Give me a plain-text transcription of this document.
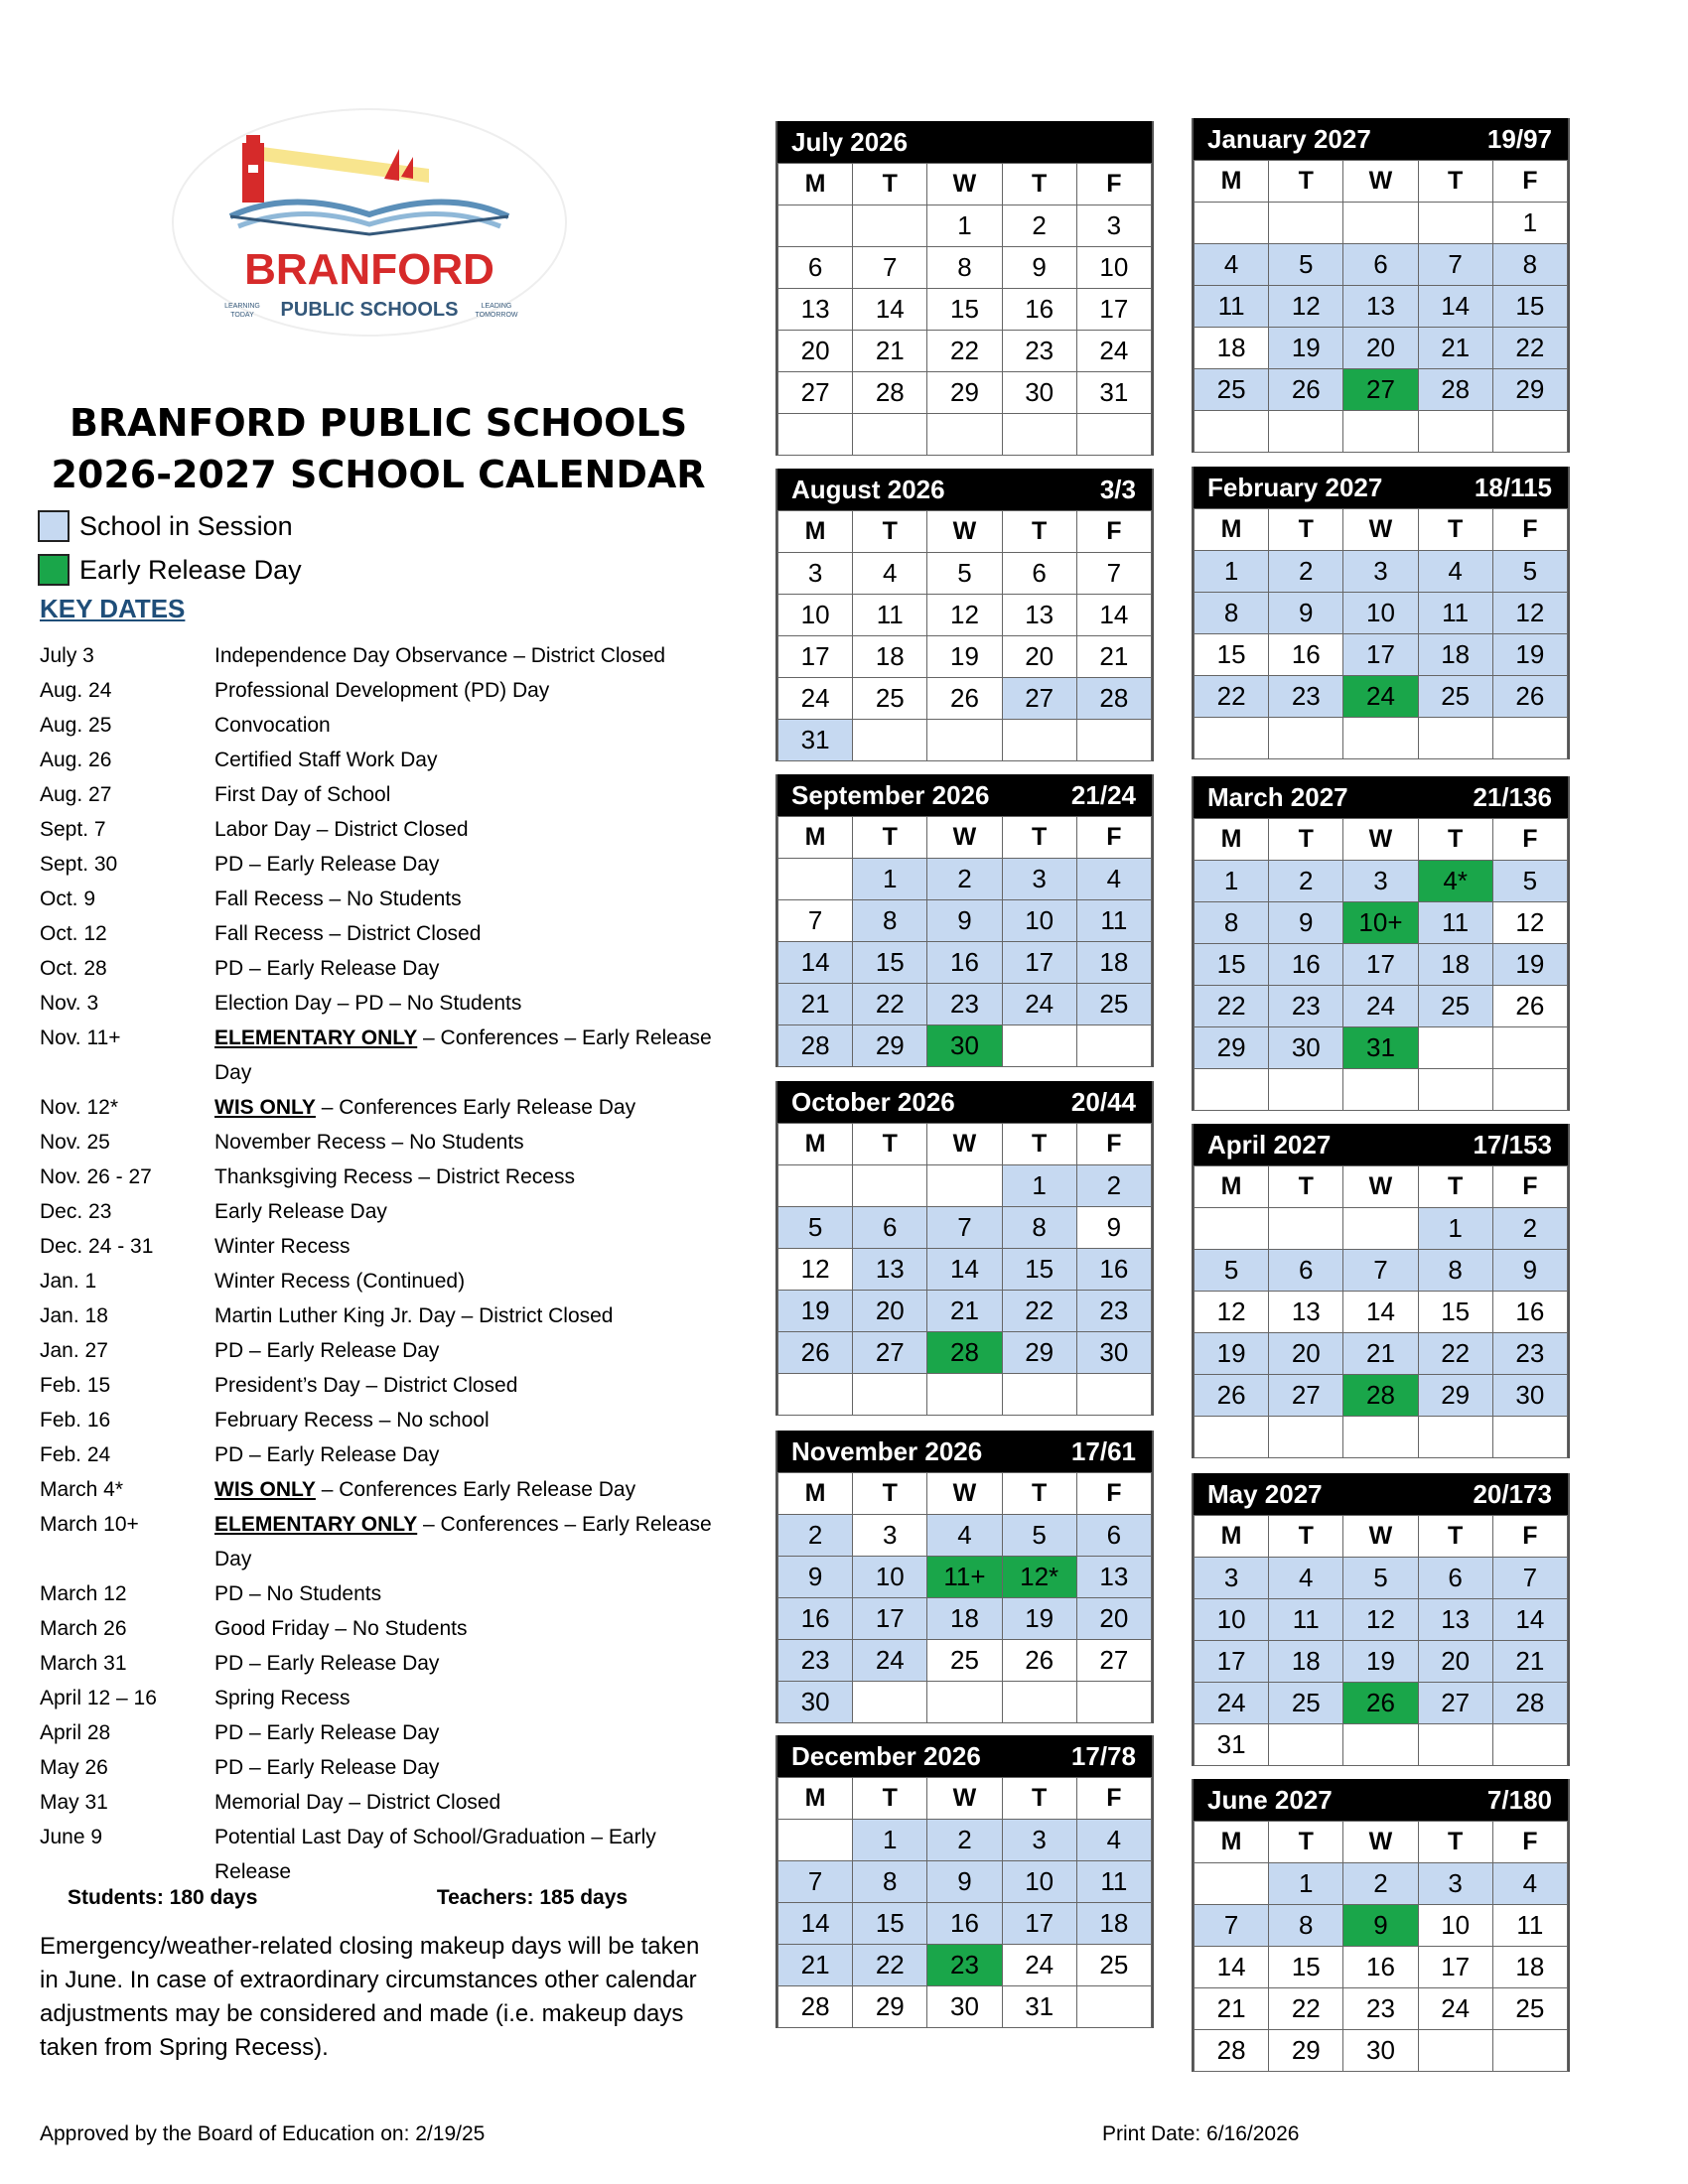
BRANFORD
PUBLIC SCHOOLS
LEARNING
TODAY
LEADING
TOMORROW
BRANFORD PUBLIC SCHOOLS
2026-2027 SCHOOL CALENDAR
School in Session
Early Release Day
KEY DATES
July 3	Independence Day Observance – District Closed
Aug. 24	Professional Development (PD) Day
Aug. 25	Convocation
Aug. 26	Certified Staff Work Day
Aug. 27	First Day of School
Sept. 7	Labor Day – District Closed
Sept. 30	PD – Early Release Day
Oct. 9	Fall Recess – No Students
Oct. 12	Fall Recess – District Closed
Oct. 28	PD – Early Release Day
Nov. 3	Election Day – PD – No Students
Nov. 11+	ELEMENTARY ONLY – Conferences – Early Release Day
Nov. 12*	WIS ONLY – Conferences Early Release Day
Nov. 25	November Recess – No Students
Nov. 26 - 27	Thanksgiving Recess – District Recess
Dec. 23	Early Release Day
Dec. 24 - 31	Winter Recess
Jan. 1	Winter Recess (Continued)
Jan. 18	Martin Luther King Jr. Day – District Closed
Jan. 27	PD – Early Release Day
Feb. 15	President’s Day – District Closed
Feb. 16	February Recess – No school
Feb. 24	PD – Early Release Day
March 4*	WIS ONLY – Conferences Early Release Day
March 10+	ELEMENTARY ONLY – Conferences – Early Release Day
March 12	PD – No Students
March 26	Good Friday – No Students
March 31	PD – Early Release Day
April 12 – 16	Spring Recess
April 28	PD – Early Release Day
May 26	PD – Early Release Day
May 31	Memorial Day – District Closed
June 9	Potential Last Day of School/Graduation – Early Release
Students: 180 days	Teachers: 185 days
Emergency/weather-related closing makeup days will be taken in June. In case of extraordinary circumstances other calendar adjustments may be considered and made (i.e. makeup days taken from Spring Recess).
Approved by the Board of Education on: 2/19/25	Print Date: 6/16/2026
July 2026
M	T	W	T	F
		1	2	3
6	7	8	9	10
13	14	15	16	17
20	21	22	23	24
27	28	29	30	31

August 2026	3/3
M	T	W	T	F
3	4	5	6	7
10	11	12	13	14
17	18	19	20	21
24	25	26	27	28
31				
September 2026	21/24
M	T	W	T	F
	1	2	3	4
7	8	9	10	11
14	15	16	17	18
21	22	23	24	25
28	29	30		
October 2026	20/44
M	T	W	T	F
			1	2
5	6	7	8	9
12	13	14	15	16
19	20	21	22	23
26	27	28	29	30

November 2026	17/61
M	T	W	T	F
2	3	4	5	6
9	10	11+	12*	13
16	17	18	19	20
23	24	25	26	27
30				
December 2026	17/78
M	T	W	T	F
	1	2	3	4
7	8	9	10	11
14	15	16	17	18
21	22	23	24	25
28	29	30	31	
January 2027	19/97
M	T	W	T	F
				1
4	5	6	7	8
11	12	13	14	15
18	19	20	21	22
25	26	27	28	29

February 2027	18/115
M	T	W	T	F
1	2	3	4	5
8	9	10	11	12
15	16	17	18	19
22	23	24	25	26

March 2027	21/136
M	T	W	T	F
1	2	3	4*	5
8	9	10+	11	12
15	16	17	18	19
22	23	24	25	26
29	30	31		

April 2027	17/153
M	T	W	T	F
			1	2
5	6	7	8	9
12	13	14	15	16
19	20	21	22	23
26	27	28	29	30

May 2027	20/173
M	T	W	T	F
3	4	5	6	7
10	11	12	13	14
17	18	19	20	21
24	25	26	27	28
31				
June 2027	7/180
M	T	W	T	F
	1	2	3	4
7	8	9	10	11
14	15	16	17	18
21	22	23	24	25
28	29	30		
